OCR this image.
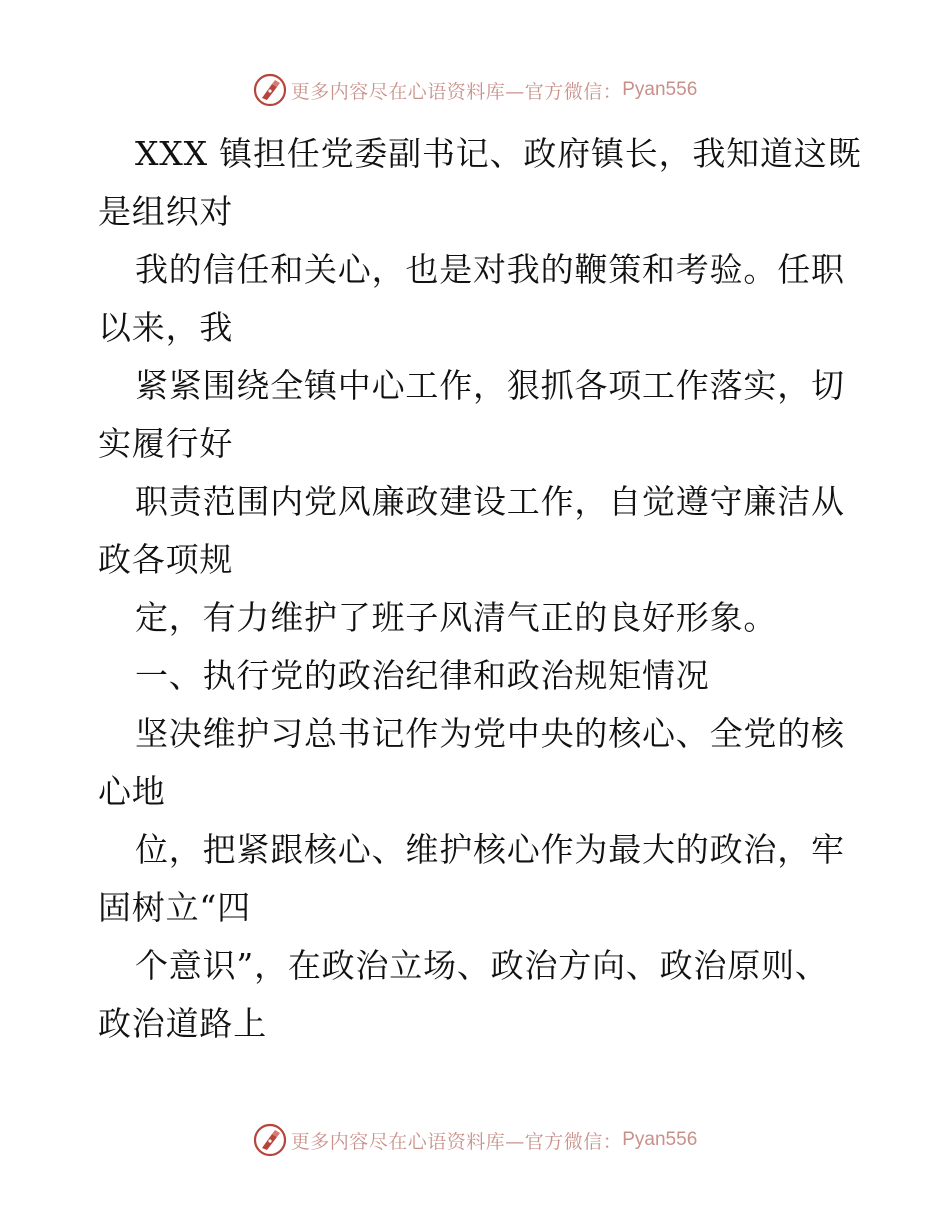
更多内容尽在心语资料库—官方微信： Pyan556
XXX 镇担任党委副书记、政府镇长，我知道这既
是组织对
我的信任和关心，也是对我的鞭策和考验。任职
以来，我
紧紧围绕全镇中心工作，狠抓各项工作落实，切
实履行好
职责范围内党风廉政建设工作，自觉遵守廉洁从
政各项规
定，有力维护了班子风清气正的良好形象。
一、执行党的政治纪律和政治规矩情况
坚决维护习总书记作为党中央的核心、全党的核
心地
位，把紧跟核心、维护核心作为最大的政治，牢
固树立“四
个意识”，在政治立场、政治方向、政治原则、
政治道路上
更多内容尽在心语资料库—官方微信： Pyan556
